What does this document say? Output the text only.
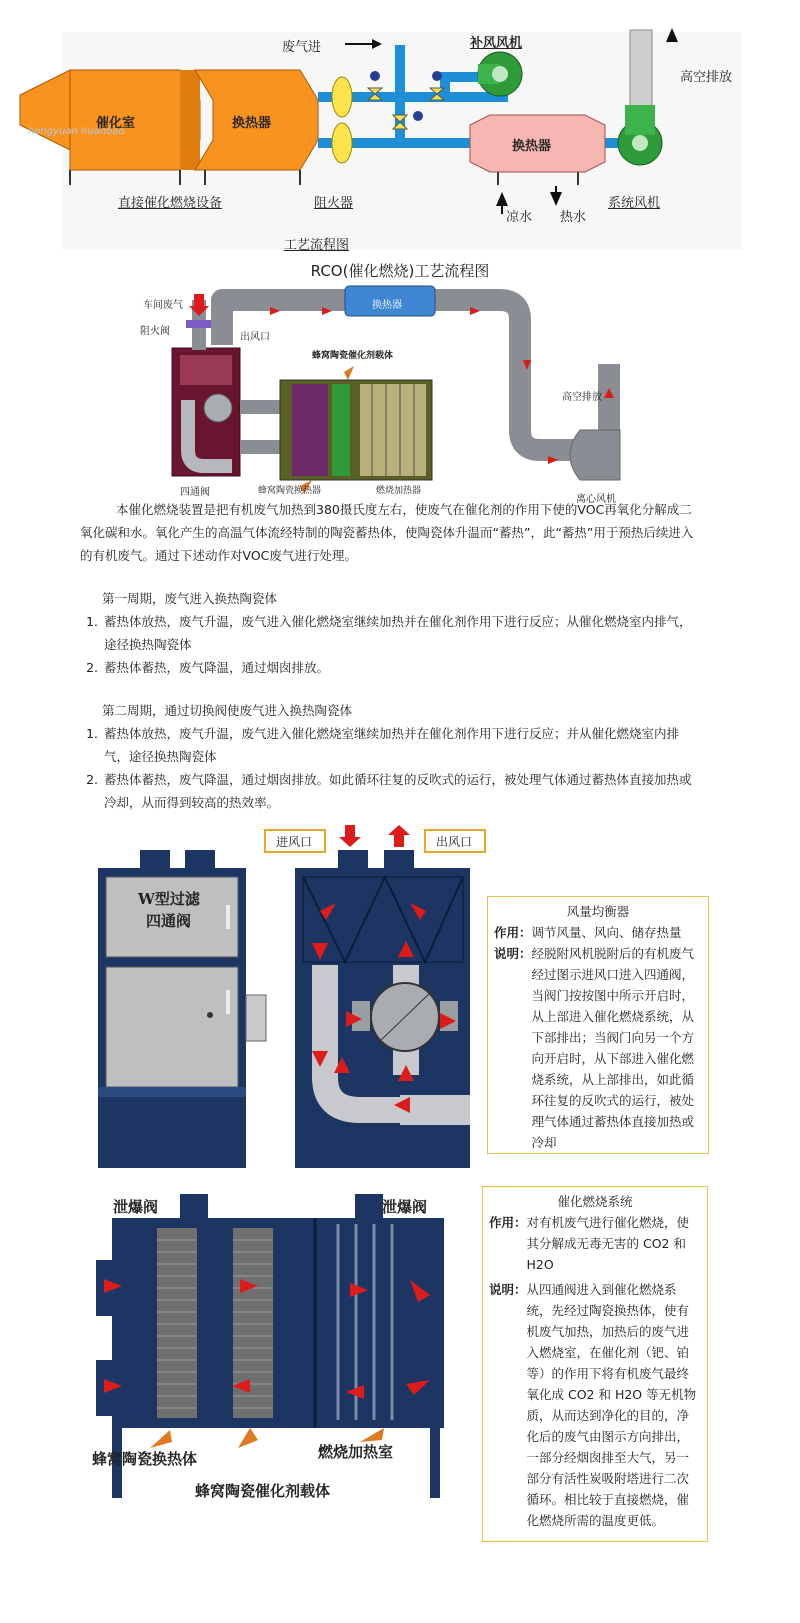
催化室	换热器
废气进	补风风机
高空排放
换热器
直接催化燃烧设备	阻火器
凉水 热水
系统风机
工艺流程图
hongyuan huanbao
RCO(催化燃烧)工艺流程图
车间废气
阻火阀
出风口
换热器
蜂窝陶瓷催化剂载体
高空排放
四通阀	蜂窝陶瓷换热器	燃烧加热器
离心风机

本催化燃烧装置是把有机废气加热到380摄氏度左右，使废气在催化剂的作用下使的VOC再氧化分解成二氧化碳和水。氧化产生的高温气体流经特制的陶瓷蓄热体，使陶瓷体升温而“蓄热”，此“蓄热”用于预热后续进入的有机废气。通过下述动作对VOC废气进行处理。

第一周期，废气进入换热陶瓷体

1. 蓄热体放热，废气升温，废气进入催化燃烧室继续加热并在催化剂作用下进行反应；从催化燃烧室内排气，途径换热陶瓷体
2. 蓄热体蓄热，废气降温，通过烟囱排放。

第二周期，通过切换阀使废气进入换热陶瓷体

1. 蓄热体放热，废气升温，废气进入催化燃烧室继续加热并在催化剂作用下进行反应；并从催化燃烧室内排气，途径换热陶瓷体
2. 蓄热体蓄热，废气降温，通过烟囱排放。如此循环往复的反吹式的运行，被处理气体通过蓄热体直接加热或冷却，从而得到较高的热效率。
进风口	出风口
W型过滤
四通阀
风量均衡器
作用： 调节风量、风向、储存热量
说明： 经脱附风机脱附后的有机废气经过图示进风口进入四通阀，当阀门按按图中所示开启时，从上部进入催化燃烧系统，从下部排出；当阀门向另一个方向开启时，从下部进入催化燃烧系统，从上部排出，如此循环往复的反吹式的运行，被处理气体通过蓄热体直接加热或冷却
泄爆阀	泄爆阀
蜂窝陶瓷换热体	燃烧加热室
蜂窝陶瓷催化剂载体
催化燃烧系统
作用： 对有机废气进行催化燃烧，使其分解成无毒无害的 CO2 和 H2O
说明： 从四通阀进入到催化燃烧系统，先经过陶瓷换热体，使有机废气加热，加热后的废气进入燃烧室，在催化剂（钯、铂等）的作用下将有机废气最终氧化成 CO2 和 H2O 等无机物质，从而达到净化的目的，净化后的废气由图示方向排出，一部分经烟囱排至大气，另一部分有活性炭吸附塔进行二次循环。相比较于直接燃烧，催化燃烧所需的温度更低。
